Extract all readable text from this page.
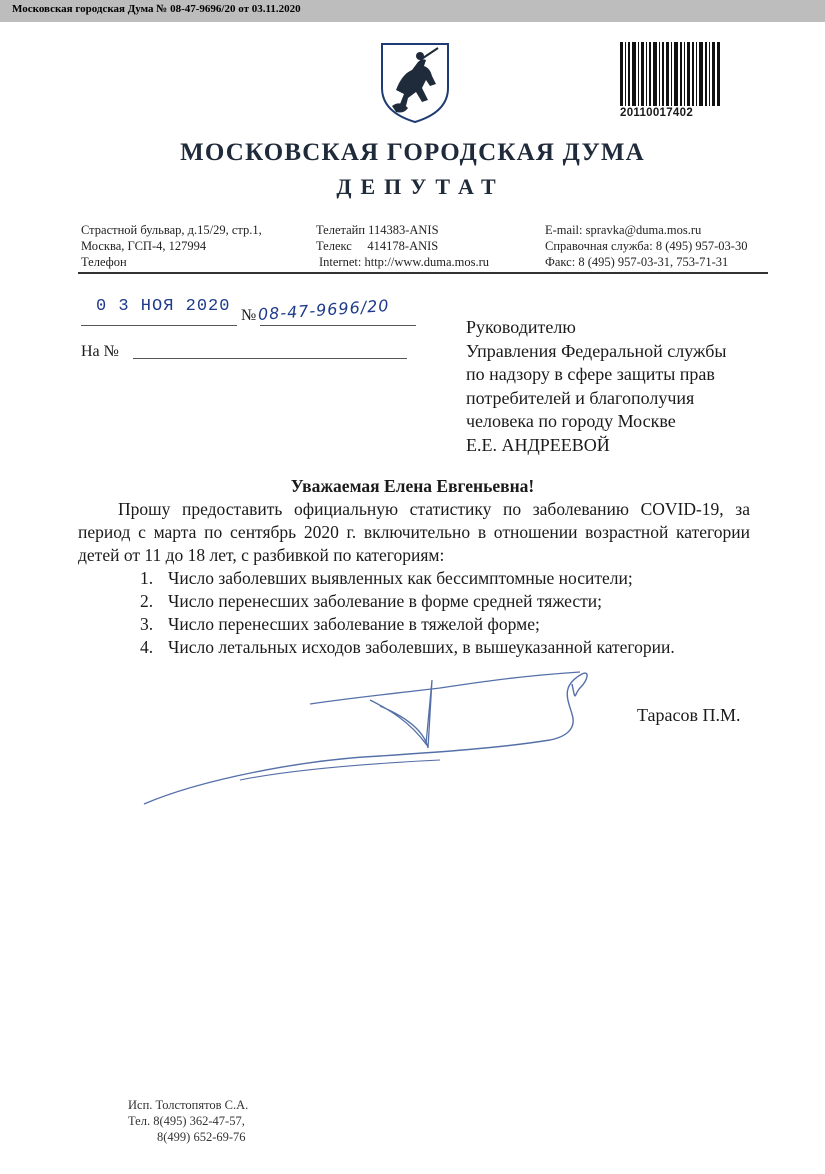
Московская городская Дума № 08-47-9696/20 от 03.11.2020
20110017402
МОСКОВСКАЯ ГОРОДСКАЯ ДУМА
ДЕПУТАТ
Страстной бульвар, д.15/29, стр.1,
Москва, ГСП-4, 127994
Телефон
Телетайп 114383-ANIS
Телекс     414178-ANIS
Internet: http://www.duma.mos.ru
E-mail: spravka@duma.mos.ru
Справочная служба: 8 (495) 957-03-30
Факс: 8 (495) 957-03-31, 753-71-31
0 3 НОЯ 2020 № 08-47-9696/20
На №
Руководителю
Управления Федеральной службы
по надзору в сфере защиты прав
потребителей и благополучия
человека по городу Москве
Е.Е. АНДРЕЕВОЙ
Уважаемая Елена Евгеньевна!
Прошу предоставить официальную статистику по заболеванию COVID-19, за период с марта по сентябрь 2020 г. включительно в отношении возрастной категории детей от 11 до 18 лет, с разбивкой по категориям:
1. Число заболевших выявленных как бессимптомные носители;
2. Число перенесших заболевание в форме средней тяжести;
3. Число перенесших заболевание в тяжелой форме;
4. Число летальных исходов заболевших, в вышеуказанной категории.
Тарасов П.М.
Исп. Толстопятов С.А.
Тел. 8(495) 362-47-57,
8(499) 652-69-76
